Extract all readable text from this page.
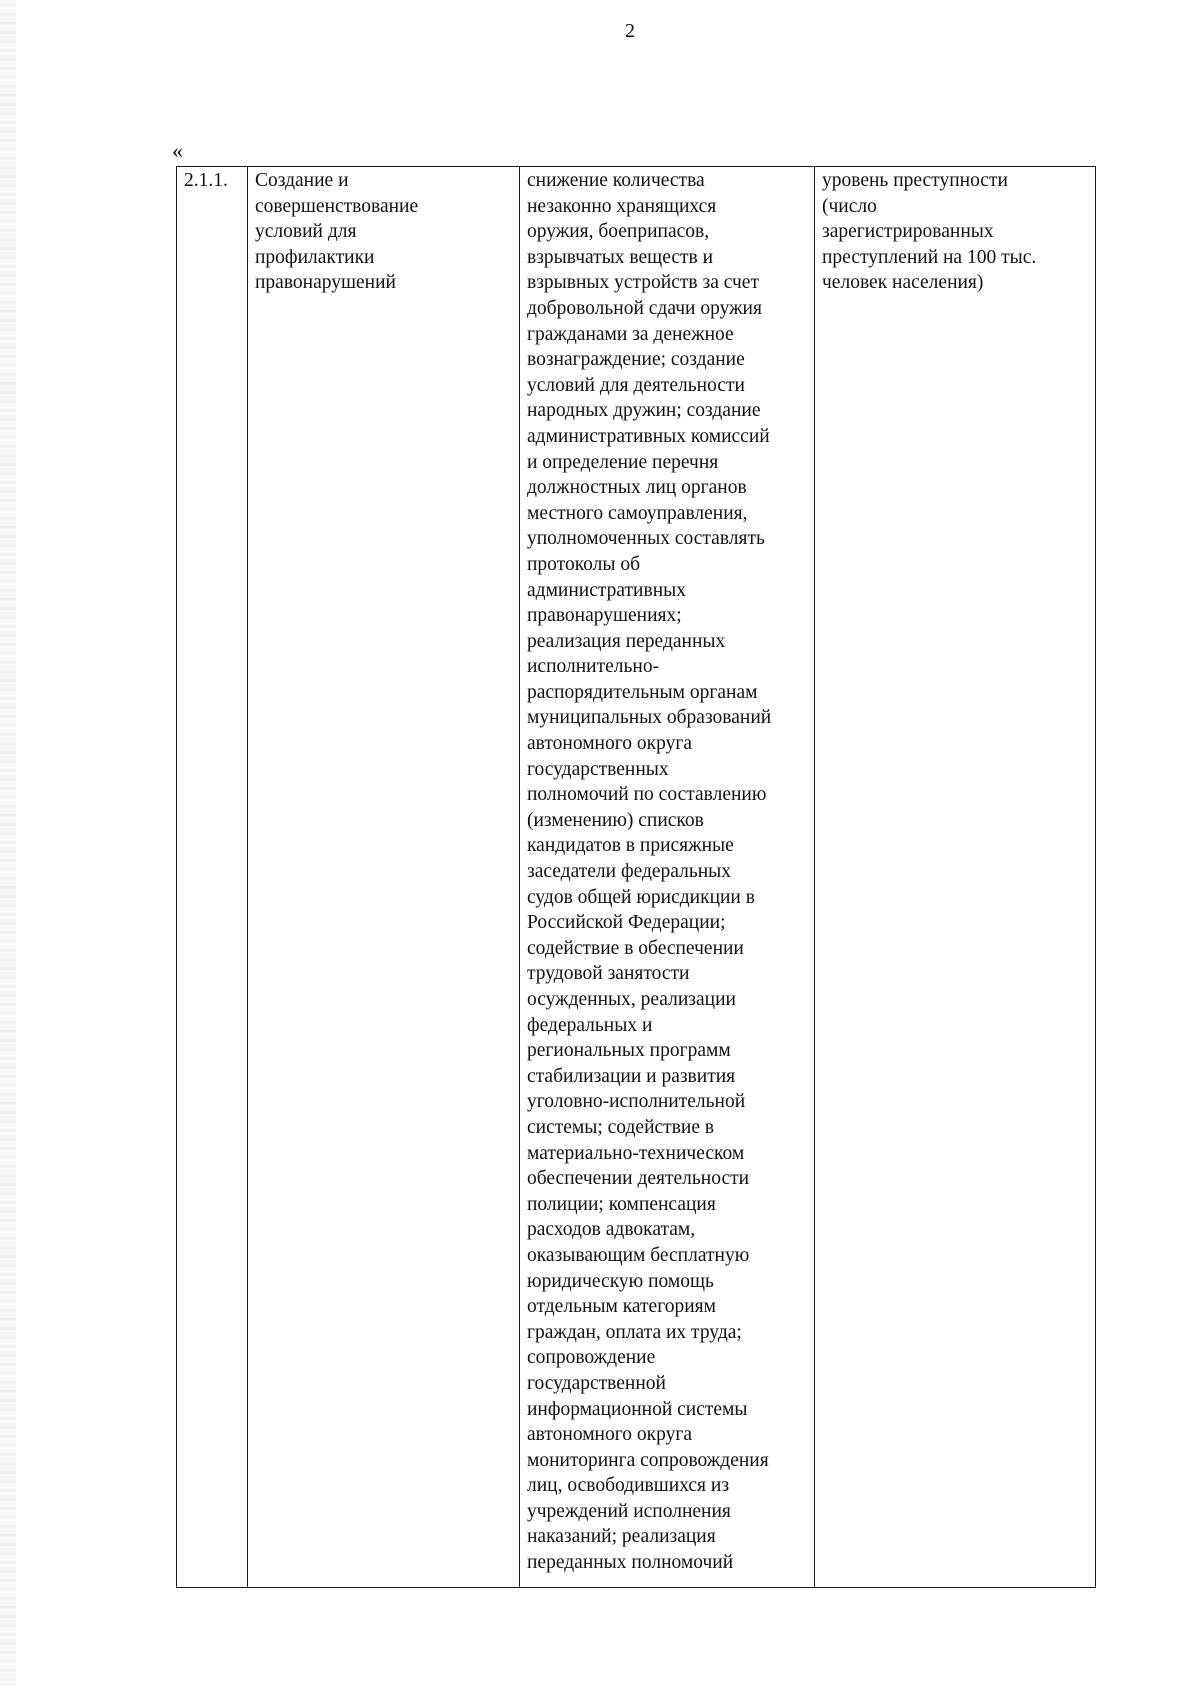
2
«
2.1.1.	Создание и
совершенствование
условий для
профилактики
правонарушений	снижение количества
незаконно хранящихся
оружия, боеприпасов,
взрывчатых веществ и
взрывных устройств за счет
добровольной сдачи оружия
гражданами за денежное
вознаграждение; создание
условий для деятельности
народных дружин; создание
административных комиссий
и определение перечня
должностных лиц органов
местного самоуправления,
уполномоченных составлять
протоколы об
административных
правонарушениях;
реализация переданных
исполнительно-
распорядительным органам
муниципальных образований
автономного округа
государственных
полномочий по составлению
(изменению) списков
кандидатов в присяжные
заседатели федеральных
судов общей юрисдикции в
Российской Федерации;
содействие в обеспечении
трудовой занятости
осужденных, реализации
федеральных и
региональных программ
стабилизации и развития
уголовно-исполнительной
системы; содействие в
материально-техническом
обеспечении деятельности
полиции; компенсация
расходов адвокатам,
оказывающим бесплатную
юридическую помощь
отдельным категориям
граждан, оплата их труда;
сопровождение
государственной
информационной системы
автономного округа
мониторинга сопровождения
лиц, освободившихся из
учреждений исполнения
наказаний; реализация
переданных полномочий	уровень преступности
(число
зарегистрированных
преступлений на 100 тыс.
человек населения)
